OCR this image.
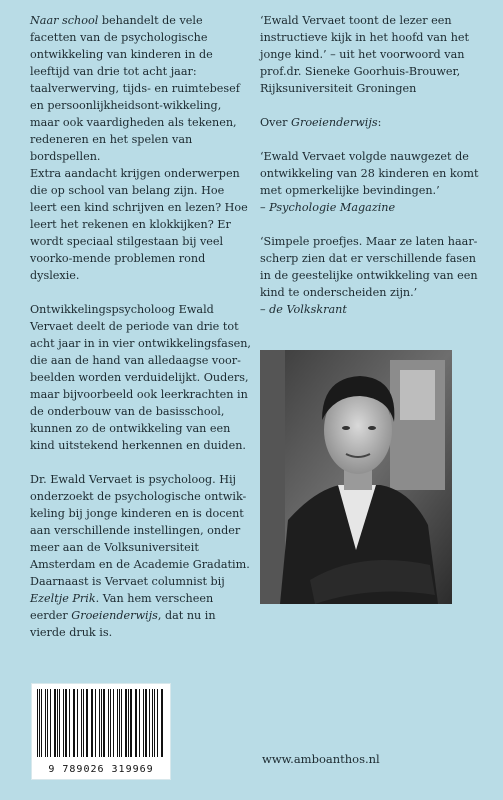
Naar school behandelt de vele facetten van de psychologische ontwikkeling van kinderen in de leeftijd van drie tot acht jaar: taalverwerving, tijds- en ruimtebesef en persoonlijkheidsont-wikkeling, maar ook vaardigheden als tekenen, redeneren en het spelen van bordspellen.

Extra aandacht krijgen onderwerpen die op school van belang zijn. Hoe leert een kind schrijven en lezen? Hoe leert het rekenen en klokkijken? Er wordt speciaal stilgestaan bij veel voorko-mende problemen rond dyslexie.

Ontwikkelingspsycholoog Ewald Vervaet deelt de periode van drie tot acht jaar in in vier ontwikkelingsfasen, die aan de hand van alledaagse voor-beelden worden verduidelijkt. Ouders, maar bijvoorbeeld ook leerkrachten in de onderbouw van de basisschool, kunnen zo de ontwikkeling van een kind uitstekend herkennen en duiden.

Dr. Ewald Vervaet is psycholoog. Hij onderzoekt de psychologische ontwik-keling bij jonge kinderen en is docent aan verschillende instellingen, onder meer aan de Volksuniversiteit Amsterdam en de Academie Gradatim. Daarnaast is Vervaet columnist bij Ezeltje Prik. Van hem verscheen eerder Groeienderwijs, dat nu in vierde druk is.

‘Ewald Vervaet toont de lezer een instructieve kijk in het hoofd van het jonge kind.’ – uit het voorwoord van prof.dr. Sieneke Goorhuis-Brouwer, Rijksuniversiteit Groningen

Over Groeienderwijs:

‘Ewald Vervaet volgde nauwgezet de ontwikkeling van 28 kinderen en komt met opmerkelijke bevindingen.’

– Psychologie Magazine

‘Simpele proefjes. Maar ze laten haar-scherp zien dat er verschillende fasen in de geestelijke ontwikkeling van een kind te onderscheiden zijn.’

– de Volkskrant

9 789026 319969
www.amboanthos.nl
